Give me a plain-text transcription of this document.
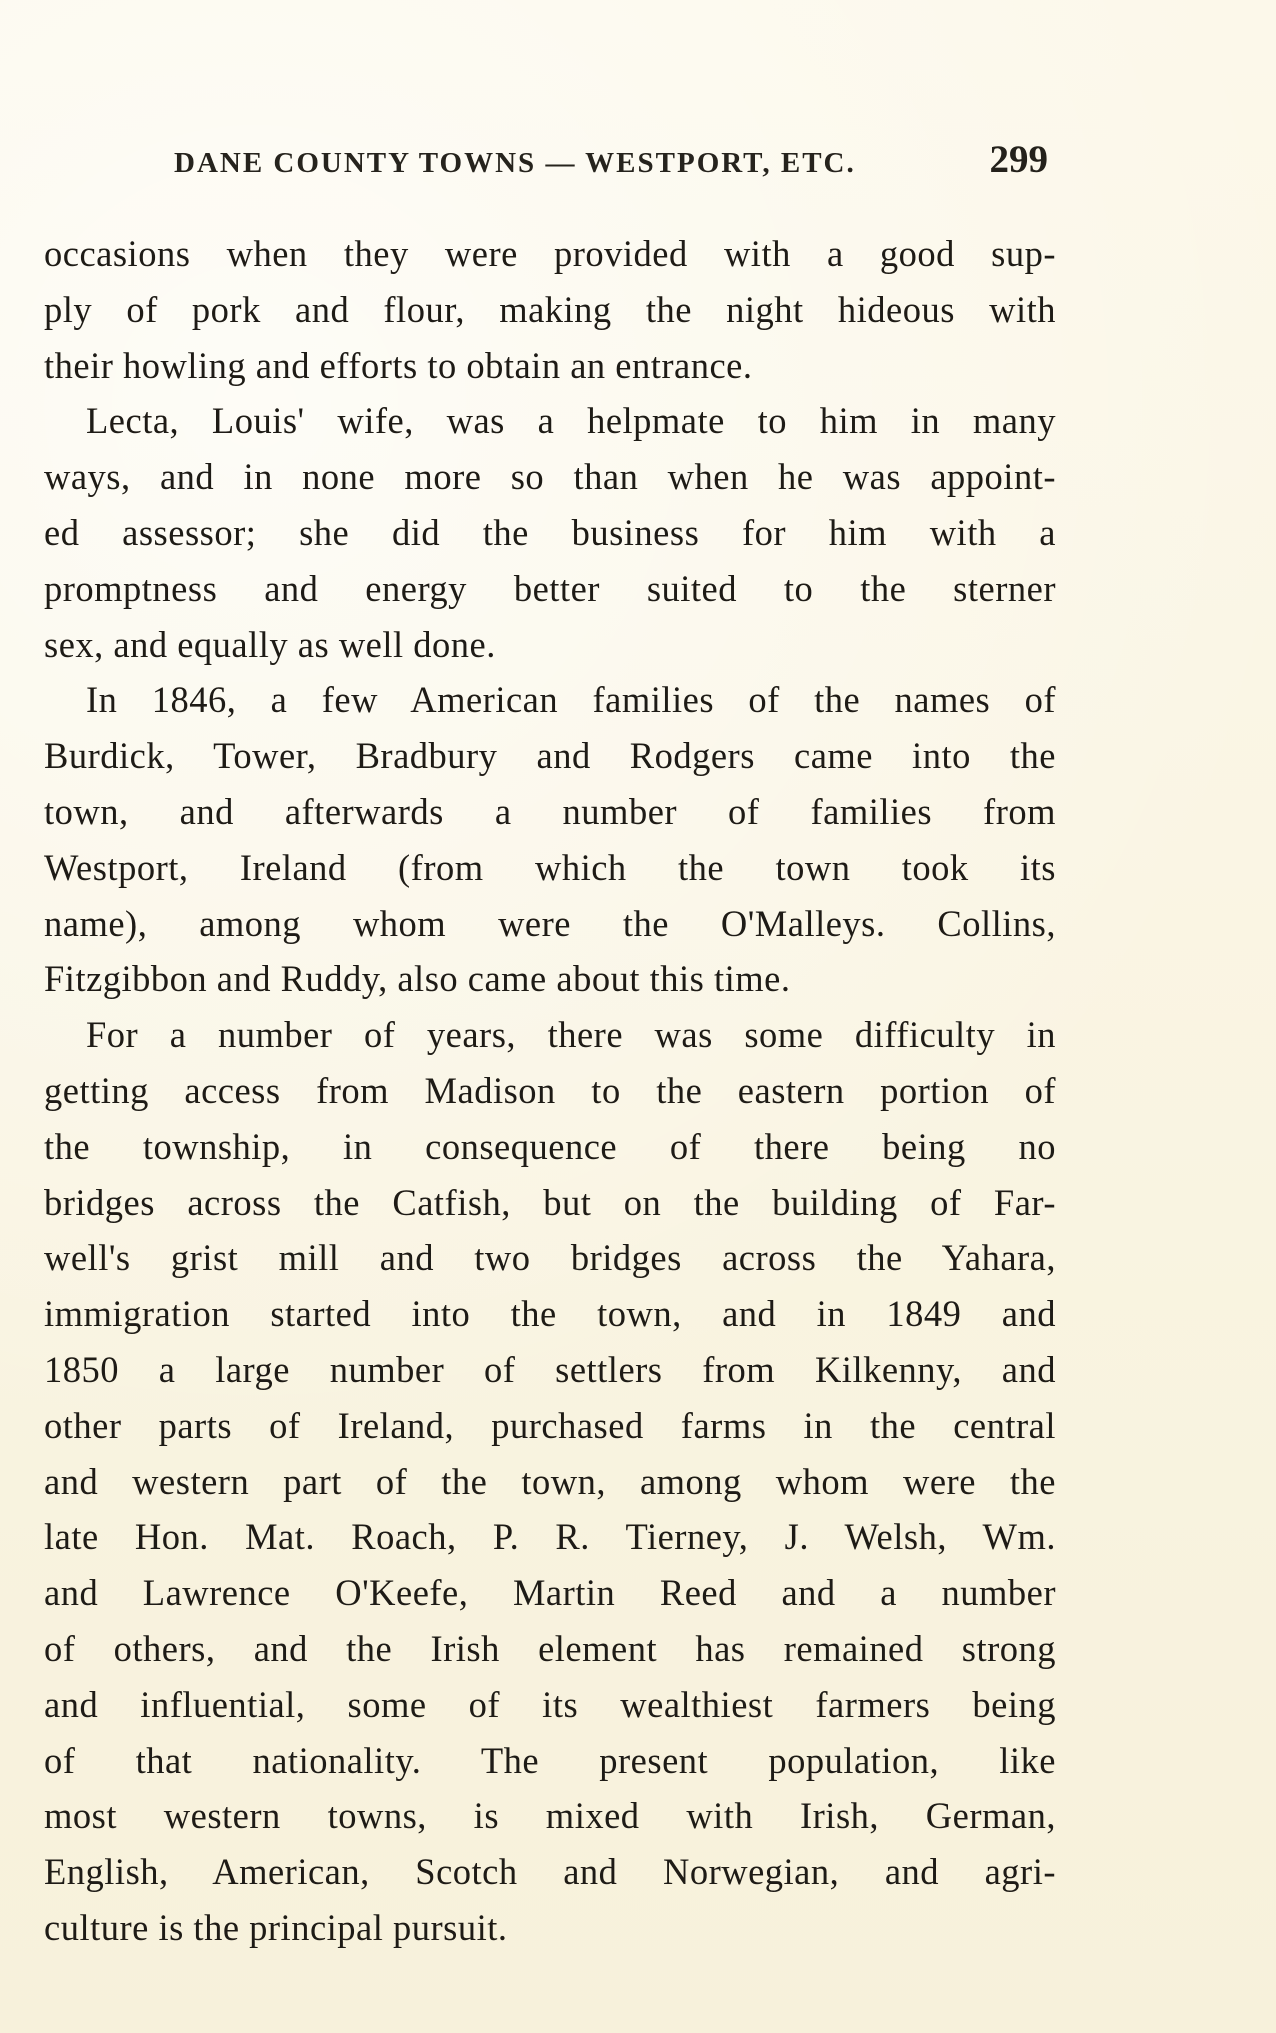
DANE COUNTY TOWNS — WESTPORT, ETC.	299
occasions when they were provided with a good sup-
ply of pork and flour, making the night hideous with
their howling and efforts to obtain an entrance.
Lecta, Louis' wife, was a helpmate to him in many
ways, and in none more so than when he was appoint-
ed assessor; she did the business for him with a
promptness and energy better suited to the sterner
sex, and equally as well done.
In 1846, a few American families of the names of
Burdick, Tower, Bradbury and Rodgers came into the
town, and afterwards a number of families from
Westport, Ireland (from which the town took its
name), among whom were the O'Malleys. Collins,
Fitzgibbon and Ruddy, also came about this time.
For a number of years, there was some difficulty in
getting access from Madison to the eastern portion of
the township, in consequence of there being no
bridges across the Catfish, but on the building of Far-
well's grist mill and two bridges across the Yahara,
immigration started into the town, and in 1849 and
1850 a large number of settlers from Kilkenny, and
other parts of Ireland, purchased farms in the central
and western part of the town, among whom were the
late Hon. Mat. Roach, P. R. Tierney, J. Welsh, Wm.
and Lawrence O'Keefe, Martin Reed and a number
of others, and the Irish element has remained strong
and influential, some of its wealthiest farmers being
of that nationality. The present population, like
most western towns, is mixed with Irish, German,
English, American, Scotch and Norwegian, and agri-
culture is the principal pursuit.
